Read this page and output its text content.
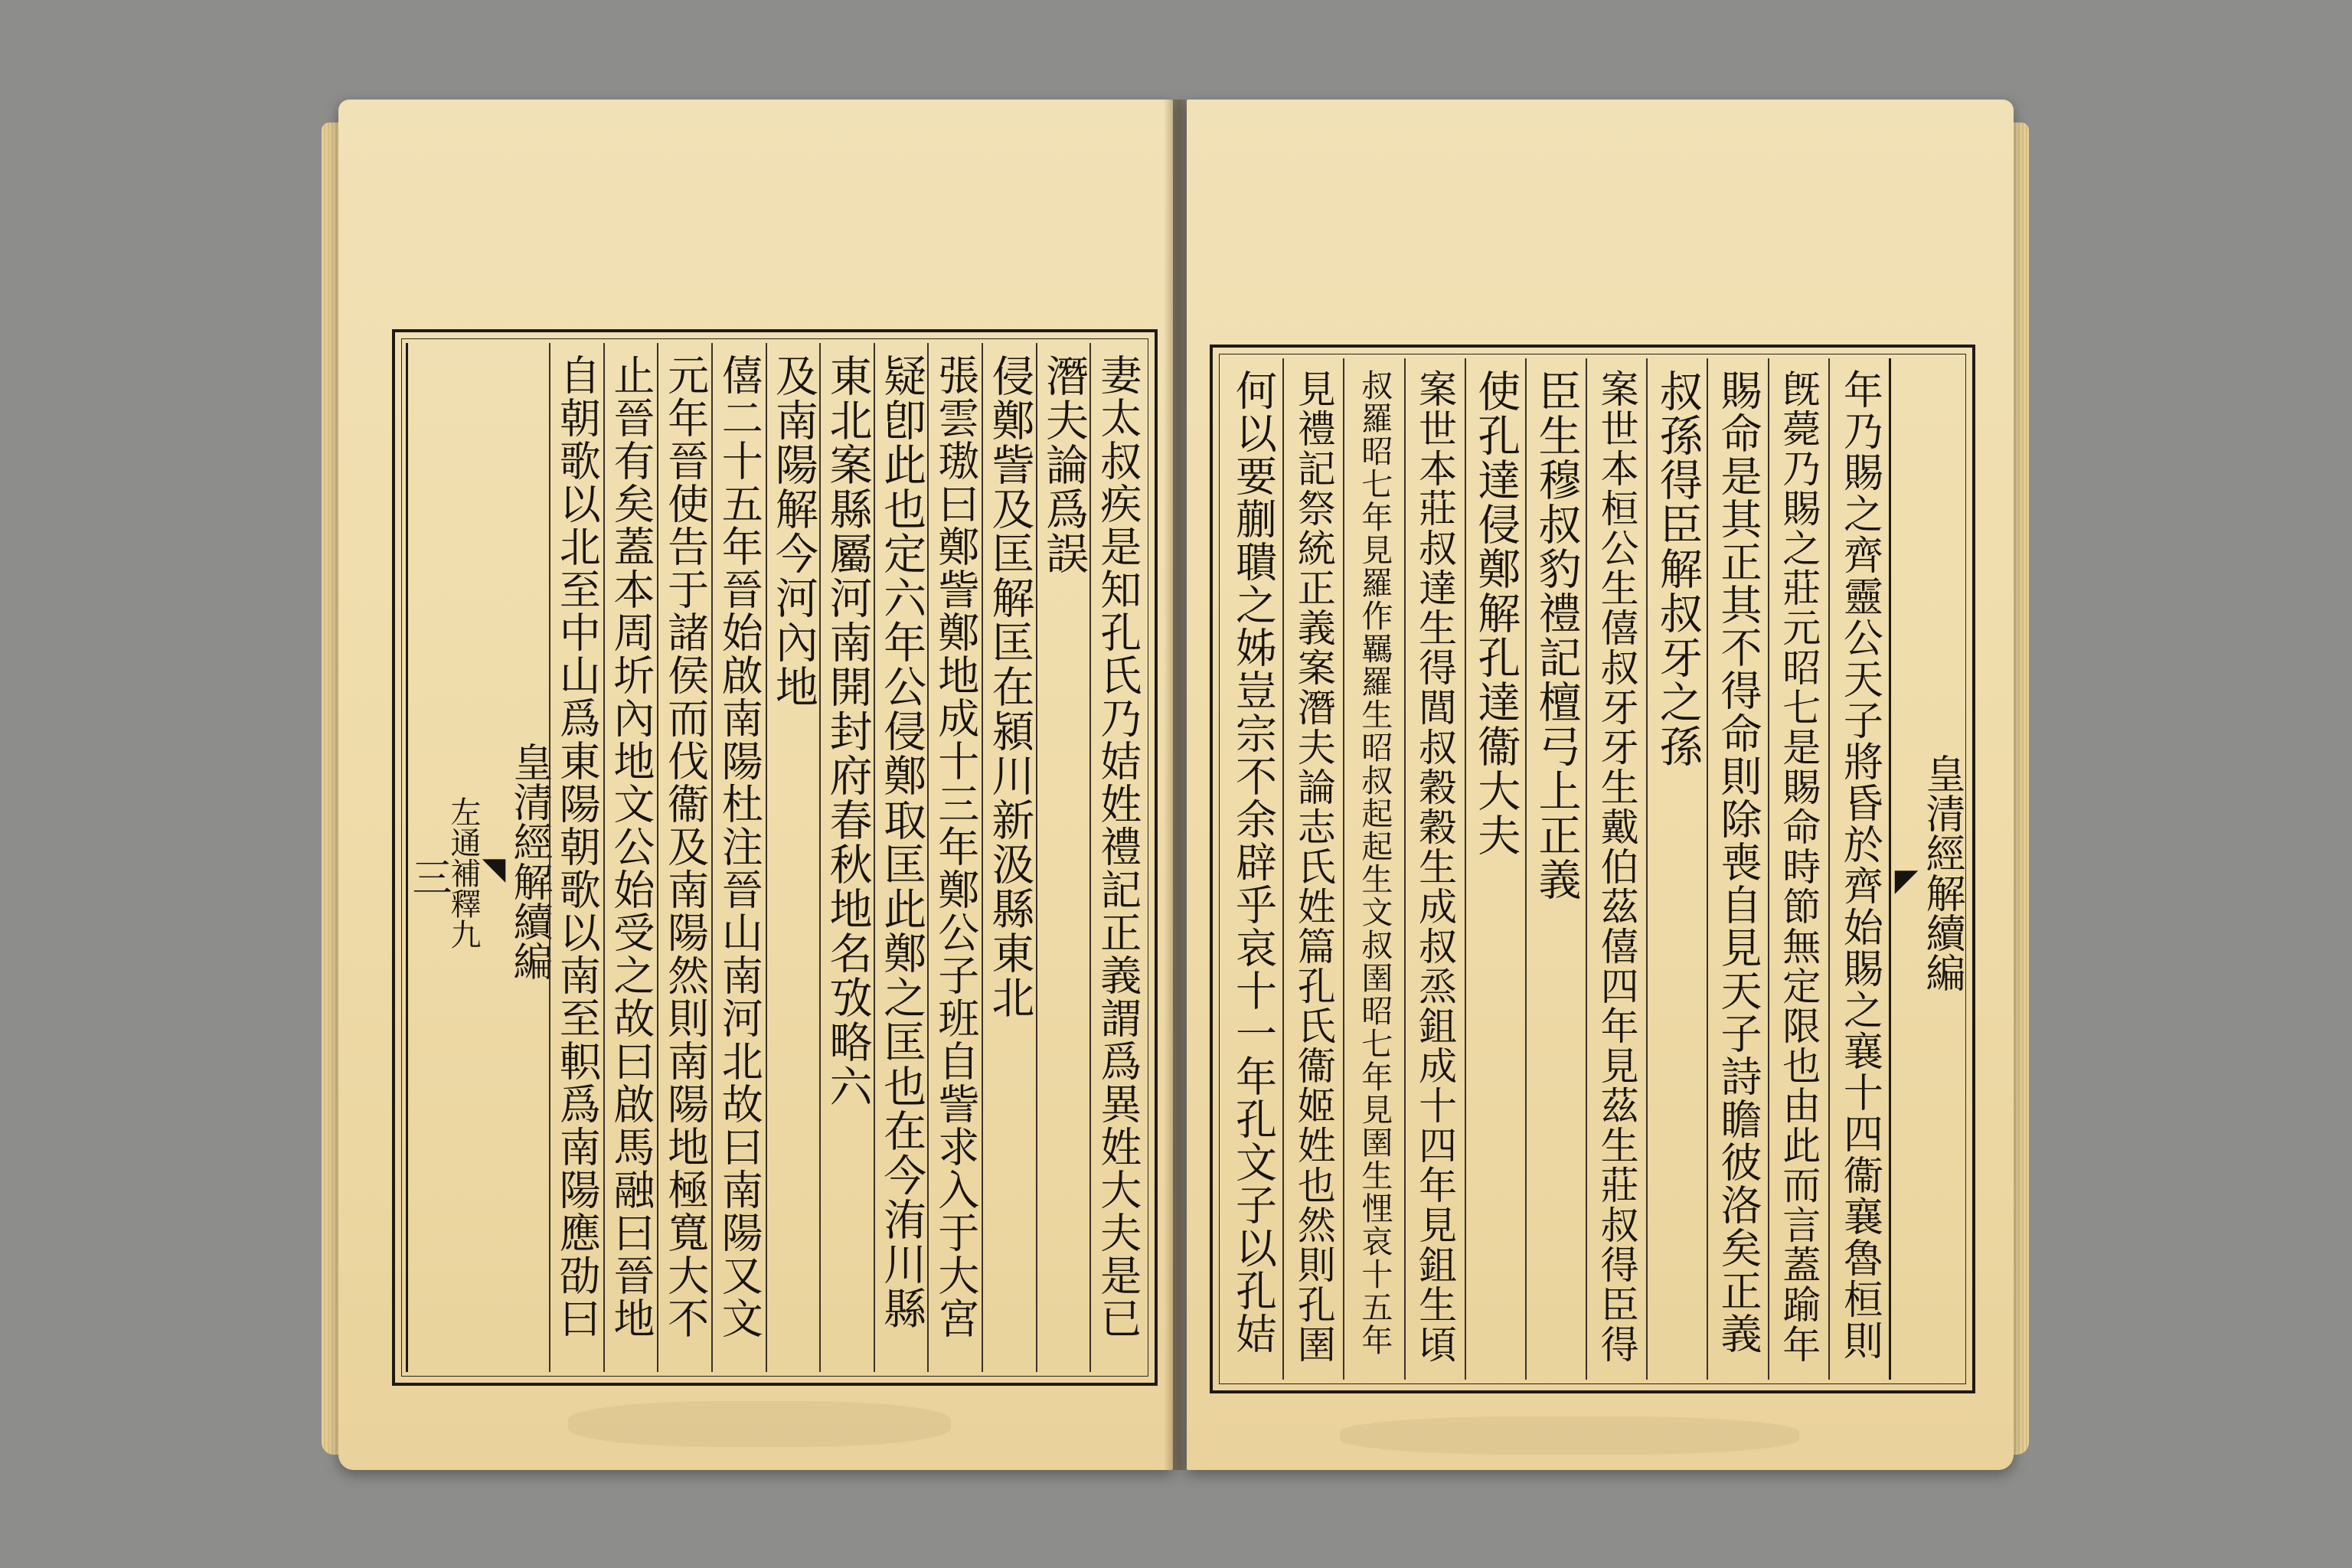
妻太叔疾是知孔氏乃姞姓禮記正義謂爲異姓大夫是已
潛夫論爲誤
侵鄭訾及匡解匡在潁川新汲縣東北
張雲璈曰鄭訾鄭地成十三年鄭公子班自訾求入于大宮
疑卽此也定六年公侵鄭取匡此鄭之匡也在今洧川縣
東北案縣屬河南開封府春秋地名攷略六
及南陽解今河內地
僖二十五年晉始啟南陽杜注晉山南河北故曰南陽又文
元年晉使告于諸侯而伐衞及南陽然則南陽地極寬大不
止晉有矣蓋本周圻內地文公始受之故曰啟馬融曰晉地
自朝歌以北至中山爲東陽朝歌以南至軹爲南陽應劭曰
皇清經解續編
◥
左通補釋九
三	皇清經解續編
◤
年乃賜之齊靈公天子將昏於齊始賜之襄十四衞襄魯桓則
旣薨乃賜之莊元昭七是賜命時節無定限也由此而言蓋踰年
賜命是其正其不得命則除喪自見天子詩瞻彼洛矣正義
叔孫得臣解叔牙之孫
案世本桓公生僖叔牙牙生戴伯茲僖四年見茲生莊叔得臣得
臣生穆叔豹禮記檀弓上正義
使孔達侵鄭解孔達衞大夫
案世本莊叔達生得閭叔穀穀生成叔烝鉏成十四年見鉏生頃
叔羅昭七年見羅作羈羅生昭叔起起生文叔圉昭七年見圉生悝哀十五年
見禮記祭統正義案潛夫論志氏姓篇孔氏衞姬姓也然則孔圉
何以要蒯聵之姊豈宗不余辟乎哀十一年孔文子以孔姞
